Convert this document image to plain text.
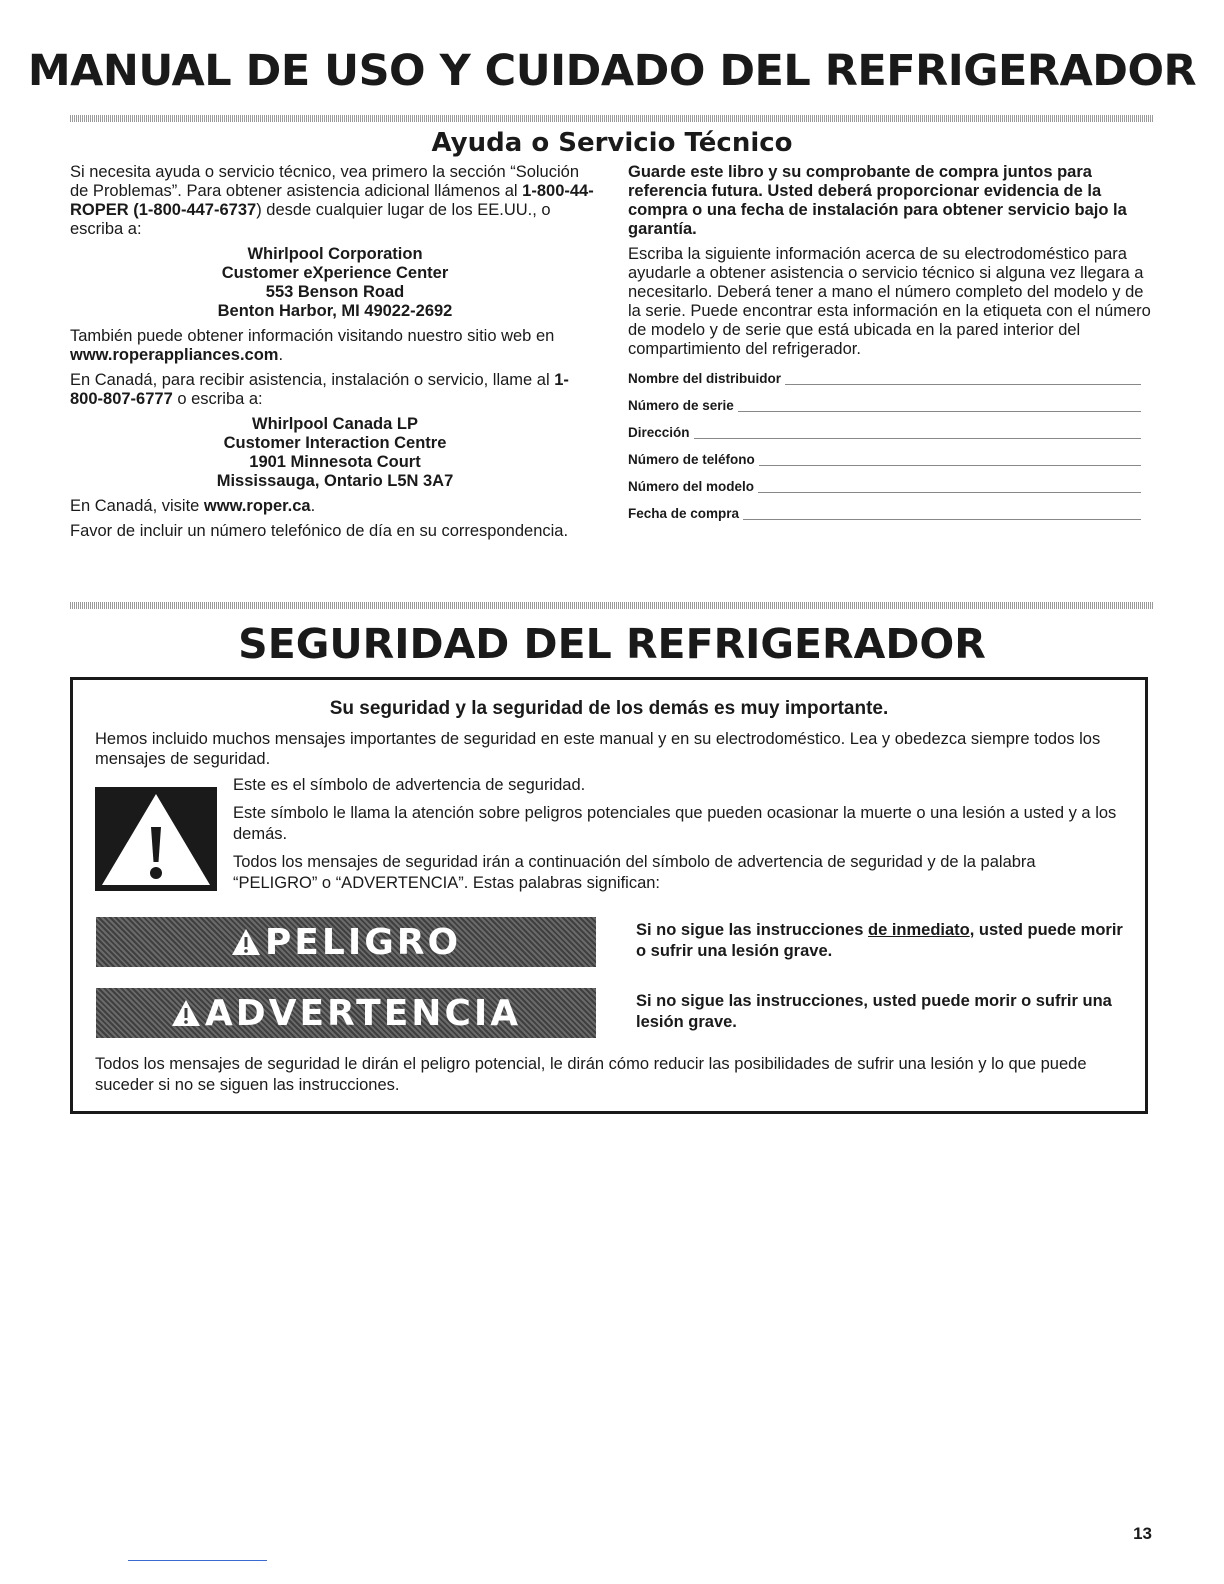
MANUAL DE USO Y CUIDADO DEL REFRIGERADOR
Ayuda o Servicio Técnico

Si necesita ayuda o servicio técnico, vea primero la sección “Solución de Problemas”. Para obtener asistencia adicional llámenos al 1-800-44-ROPER (1-800-447-6737) desde cualquier lugar de los EE.UU., o escriba a:

Whirlpool Corporation
Customer eXperience Center
553 Benson Road
Benton Harbor, MI 49022-2692

También puede obtener información visitando nuestro sitio web en www.roperappliances.com.

En Canadá, para recibir asistencia, instalación o servicio, llame al 1-800-807-6777 o escriba a:

Whirlpool Canada LP
Customer Interaction Centre
1901 Minnesota Court
Mississauga, Ontario L5N 3A7

En Canadá, visite www.roper.ca.

Favor de incluir un número telefónico de día en su correspondencia.

Guarde este libro y su comprobante de compra juntos para referencia futura. Usted deberá proporcionar evidencia de la compra o una fecha de instalación para obtener servicio bajo la garantía.

Escriba la siguiente información acerca de su electrodoméstico para ayudarle a obtener asistencia o servicio técnico si alguna vez llegara a necesitarlo. Deberá tener a mano el número completo del modelo y de la serie. Puede encontrar esta información en la etiqueta con el número de modelo y de serie que está ubicada en la pared interior del compartimiento del refrigerador.

Nombre del distribuidor
Número de serie
Dirección
Número de teléfono
Número del modelo
Fecha de compra
SEGURIDAD DEL REFRIGERADOR

Su seguridad y la seguridad de los demás es muy importante.

Hemos incluido muchos mensajes importantes de seguridad en este manual y en su electrodoméstico. Lea y obedezca siempre todos los mensajes de seguridad.

Este es el símbolo de advertencia de seguridad.

Este símbolo le llama la atención sobre peligros potenciales que pueden ocasionar la muerte o una lesión a usted y a los demás.

Todos los mensajes de seguridad irán a continuación del símbolo de advertencia de seguridad y de la palabra “PELIGRO” o “ADVERTENCIA”. Estas palabras significan:

PELIGRO	Si no sigue las instrucciones de inmediato, usted puede morir o sufrir una lesión grave.

ADVERTENCIA	Si no sigue las instrucciones, usted puede morir o sufrir una lesión grave.

Todos los mensajes de seguridad le dirán el peligro potencial, le dirán cómo reducir las posibilidades de sufrir una lesión y lo que puede suceder si no se siguen las instrucciones.

13
